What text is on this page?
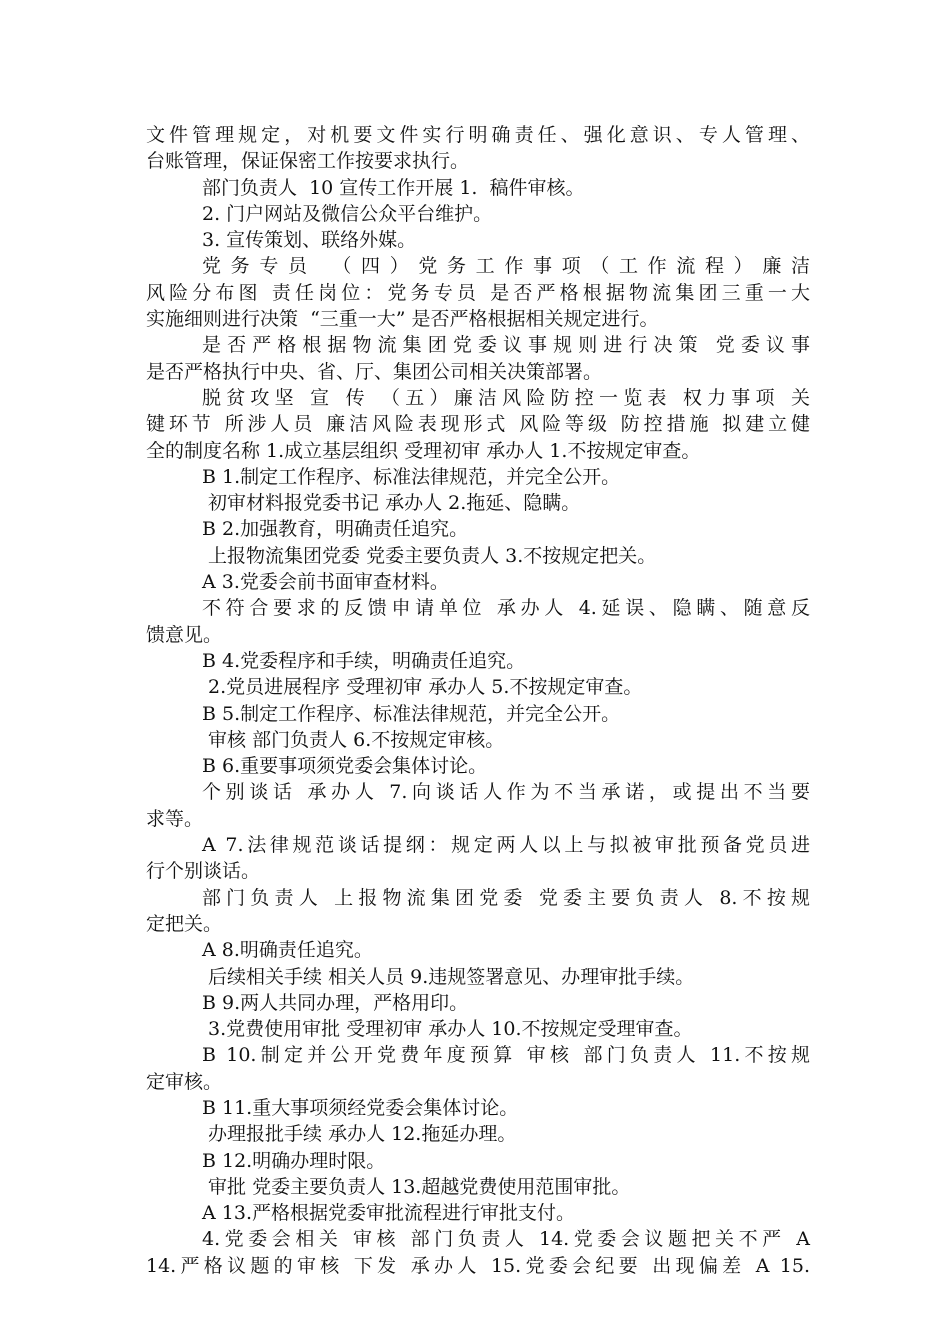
文件管理规定，对机要文件实行明确责任、强化意识、专人管理、
台账管理，保证保密工作按要求执行。
部门负责人  10 宣传工作开展 1.  稿件审核。
2. 门户网站及微信公众平台维护。
3. 宣传策划、联络外媒。
党务专员 （四）党务工作事项（工作流程）廉洁
风险分布图 责任岗位：党务专员 是否严格根据物流集团三重一大
实施细则进行决策  “三重一大” 是否严格根据相关规定进行。
是否严格根据物流集团党委议事规则进行决策 党委议事
是否严格执行中央、省、厅、集团公司相关决策部署。
脱贫攻坚 宣 传 （五）廉洁风险防控一览表 权力事项 关
键环节 所涉人员 廉洁风险表现形式 风险等级 防控措施 拟建立健
全的制度名称 1.成立基层组织 受理初审 承办人 1.不按规定审查。
B 1.制定工作程序、标准法律规范，并完全公开。
初审材料报党委书记 承办人 2.拖延、隐瞒。
B 2.加强教育，明确责任追究。
上报物流集团党委 党委主要负责人 3.不按规定把关。
A 3.党委会前书面审查材料。
不符合要求的反馈申请单位 承办人 4.延误、隐瞒、随意反
馈意见。
B 4.党委程序和手续，明确责任追究。
2.党员进展程序 受理初审 承办人 5.不按规定审查。
B 5.制定工作程序、标准法律规范，并完全公开。
审核 部门负责人 6.不按规定审核。
B 6.重要事项须党委会集体讨论。
个别谈话 承办人 7.向谈话人作为不当承诺，或提出不当要
求等。
A 7.法律规范谈话提纲：规定两人以上与拟被审批预备党员进
行个别谈话。
部门负责人 上报物流集团党委 党委主要负责人 8.不按规
定把关。
A 8.明确责任追究。
后续相关手续 相关人员 9.违规签署意见、办理审批手续。
B 9.两人共同办理，严格用印。
3.党费使用审批 受理初审 承办人 10.不按规定受理审查。
B 10.制定并公开党费年度预算 审核 部门负责人 11.不按规
定审核。
B 11.重大事项须经党委会集体讨论。
办理报批手续 承办人 12.拖延办理。
B 12.明确办理时限。
审批 党委主要负责人 13.超越党费使用范围审批。
A 13.严格根据党委审批流程进行审批支付。
4.党委会相关 审核 部门负责人 14.党委会议题把关不严 A
14.严格议题的审核 下发 承办人 15.党委会纪要 出现偏差 A 15.
